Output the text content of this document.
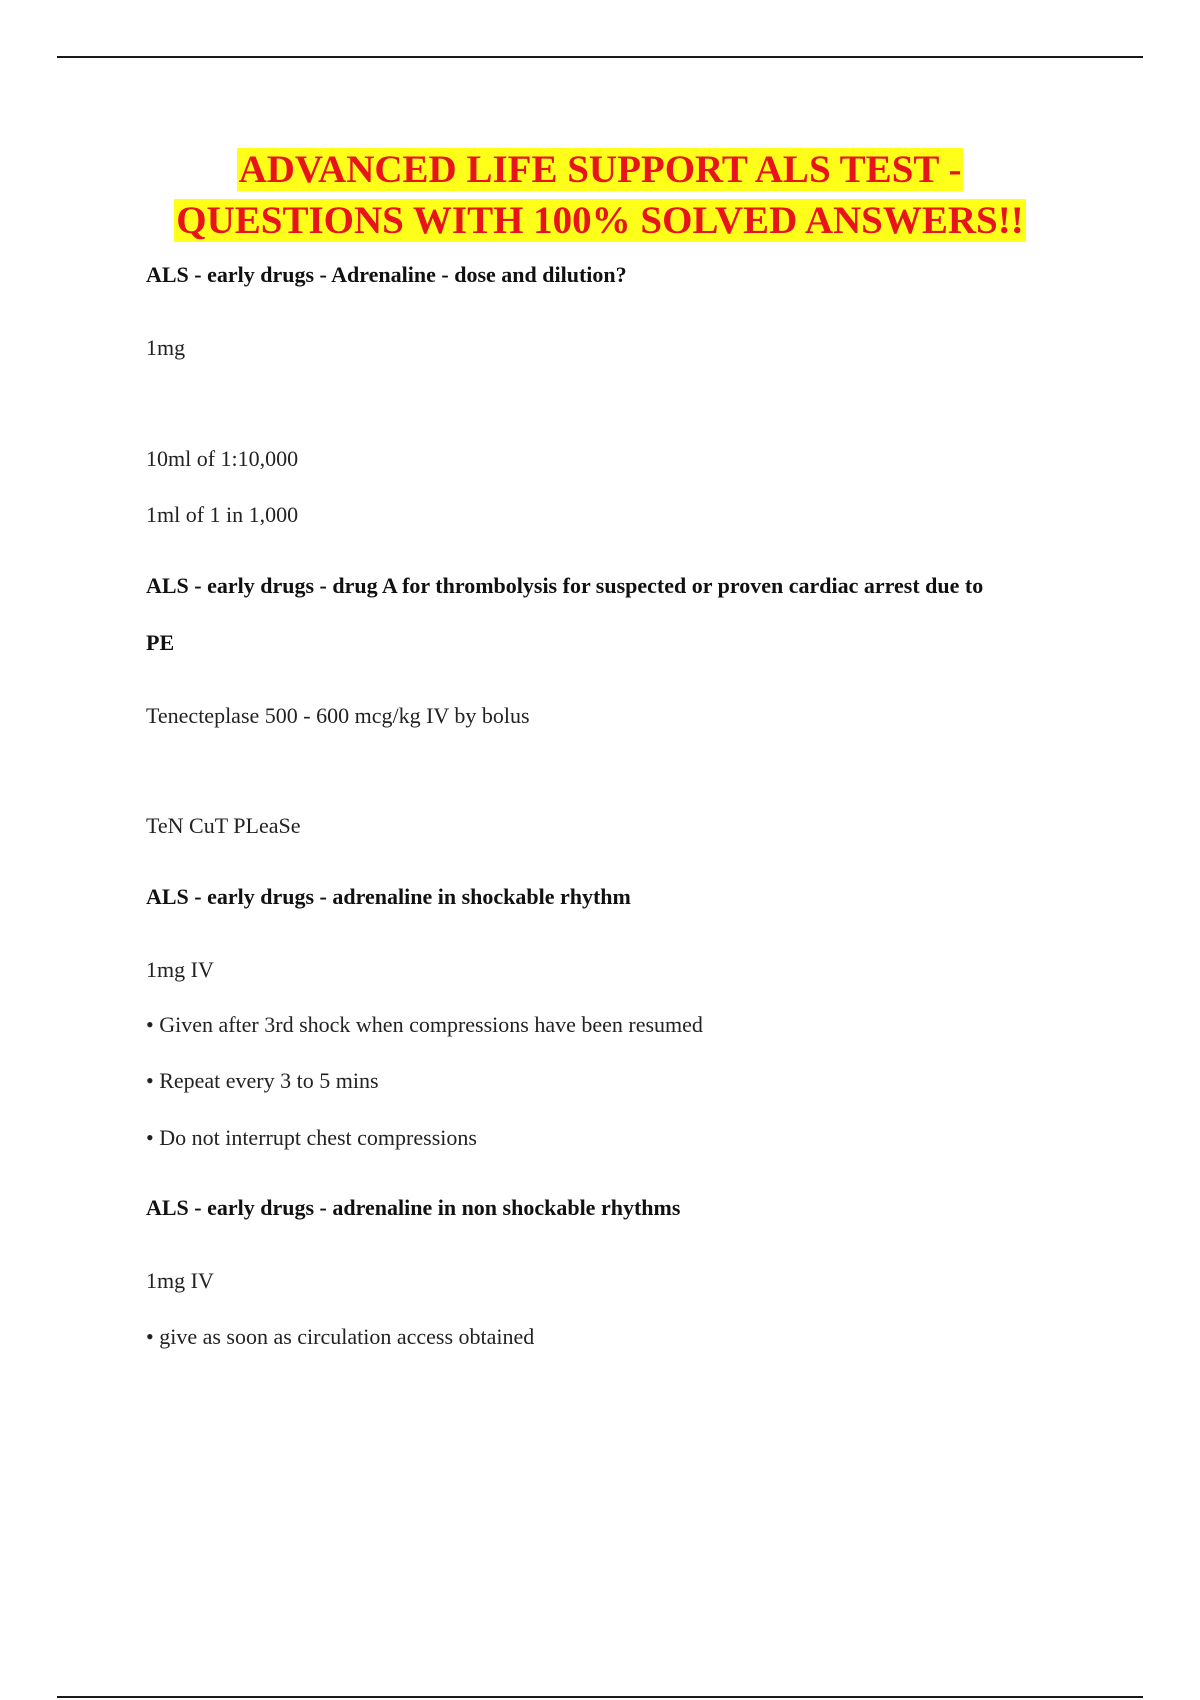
ADVANCED LIFE SUPPORT ALS TEST -
QUESTIONS WITH 100% SOLVED ANSWERS!!

ALS - early drugs - Adrenaline - dose and dilution?

1mg

10ml of 1:10,000

1ml of 1 in 1,000

ALS - early drugs - drug A for thrombolysis for suspected or proven cardiac arrest due to

PE

Tenecteplase 500 - 600 mcg/kg IV by bolus

TeN CuT PLeaSe

ALS - early drugs - adrenaline in shockable rhythm

1mg IV

• Given after 3rd shock when compressions have been resumed

• Repeat every 3 to 5 mins

• Do not interrupt chest compressions

ALS - early drugs - adrenaline in non shockable rhythms

1mg IV

• give as soon as circulation access obtained
